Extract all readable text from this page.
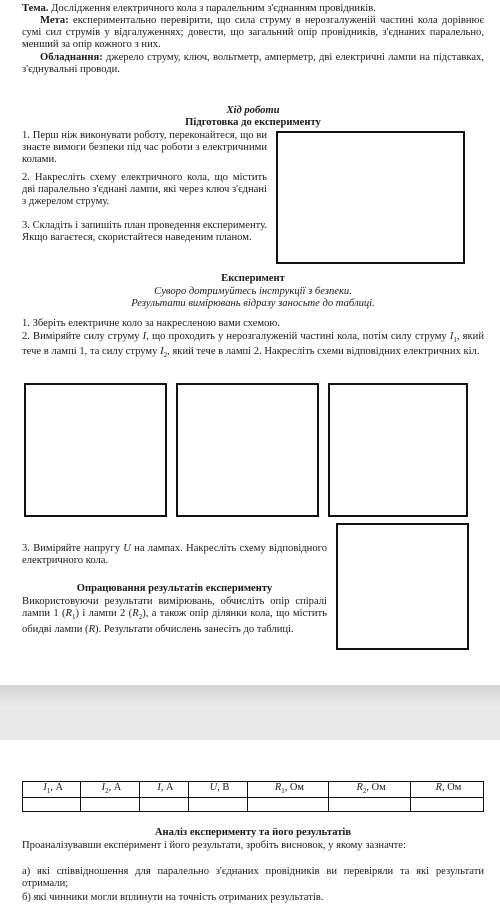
Тема. Дослідження електричного кола з паралельним з'єднанням провідників.
Мета: експериментально перевірити, що сила струму в нерозгалуженій частині кола дорівнює сумі сил струмів у відгалуженнях; довести, що загальний опір провідників, з'єднаних паралельно, менший за опір кожного з них.
Обладнання: джерело струму, ключ, вольтметр, амперметр, дві електричні лампи на підставках, з'єднувальні проводи.
Хід роботи
Підготовка до експерименту
1. Перш ніж виконувати роботу, переконайтеся, що ви знаєте вимоги безпеки під час роботи з електричними колами.
2. Накресліть схему електричного кола, що містить дві паралельно з'єднані лампи, які через ключ з'єднані з джерелом струму.
3. Складіть і запишіть план проведення експерименту. Якщо вагаєтеся, скористайтеся наведеним планом.
Експеримент
Суворо дотримуйтесь інструкції з безпеки.
Результати вимірювань відразу заносьте до таблиці.
1. Зберіть електричне коло за накресленою вами схемою.
2. Виміряйте силу струму I, що проходить у нерозгалуженій частині кола, потім силу струму $I_1$, який тече в лампі 1, та силу струму $I_2$, який тече в лампі 2. Накресліть схеми відповідних електричних кіл.
3. Виміряйте напругу U на лампах. Накресліть схему відповідного електричного кола.
Опрацювання результатів експерименту
Використовуючи результати вимірювань, обчисліть опір спіралі лампи 1 $(R_1)$ і лампи 2 $(R_2)$, а також опір ділянки кола, що містить обидві лампи (R). Результати обчислень занесіть до таблиці.
$I_1$, А	$I_2$, А	I, А	U, В	$R_1$, Ом	$R_2$, Ом	R, Ом

Аналіз експерименту та його результатів
Проаналізувавши експеримент і його результати, зробіть висновок, у якому зазначте:
а) які співвідношення для паралельно з'єднаних провідників ви перевіряли та які результати отримали;
б) які чинники могли вплинути на точність отриманих результатів.
